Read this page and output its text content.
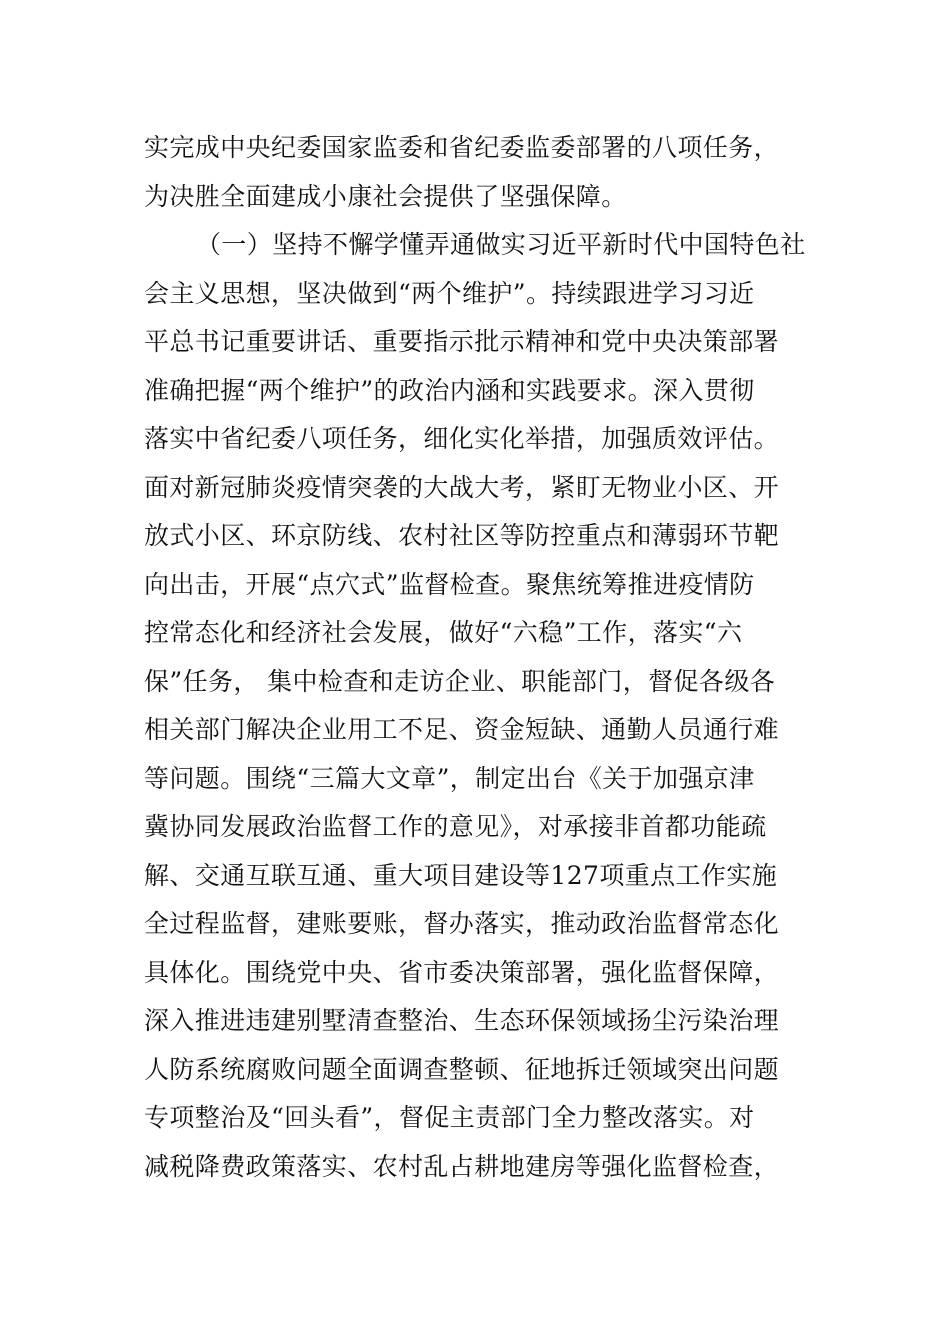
实完成中央纪委国家监委和省纪委监委部署的八项任务，
为决胜全面建成小康社会提供了坚强保障。
（一）坚持不懈学懂弄通做实习近平新时代中国特色社
会主义思想，坚决做到“两个维护”。持续跟进学习习近
平总书记重要讲话、重要指示批示精神和党中央决策部署
准确把握“两个维护”的政治内涵和实践要求。深入贯彻
落实中省纪委八项任务，细化实化举措，加强质效评估。
面对新冠肺炎疫情突袭的大战大考，紧盯无物业小区、开
放式小区、环京防线、农村社区等防控重点和薄弱环节靶
向出击，开展“点穴式”监督检查。聚焦统筹推进疫情防
控常态化和经济社会发展，做好“六稳”工作，落实“六
保”任务， 集中检查和走访企业、职能部门，督促各级各
相关部门解决企业用工不足、资金短缺、通勤人员通行难
等问题。围绕“三篇大文章”，制定出台《关于加强京津
冀协同发展政治监督工作的意见》，对承接非首都功能疏
解、交通互联互通、重大项目建设等127项重点工作实施
全过程监督，建账要账，督办落实，推动政治监督常态化
具体化。围绕党中央、省市委决策部署，强化监督保障，
深入推进违建别墅清查整治、生态环保领域扬尘污染治理
人防系统腐败问题全面调查整顿、征地拆迁领域突出问题
专项整治及“回头看”，督促主责部门全力整改落实。对
减税降费政策落实、农村乱占耕地建房等强化监督检查，
